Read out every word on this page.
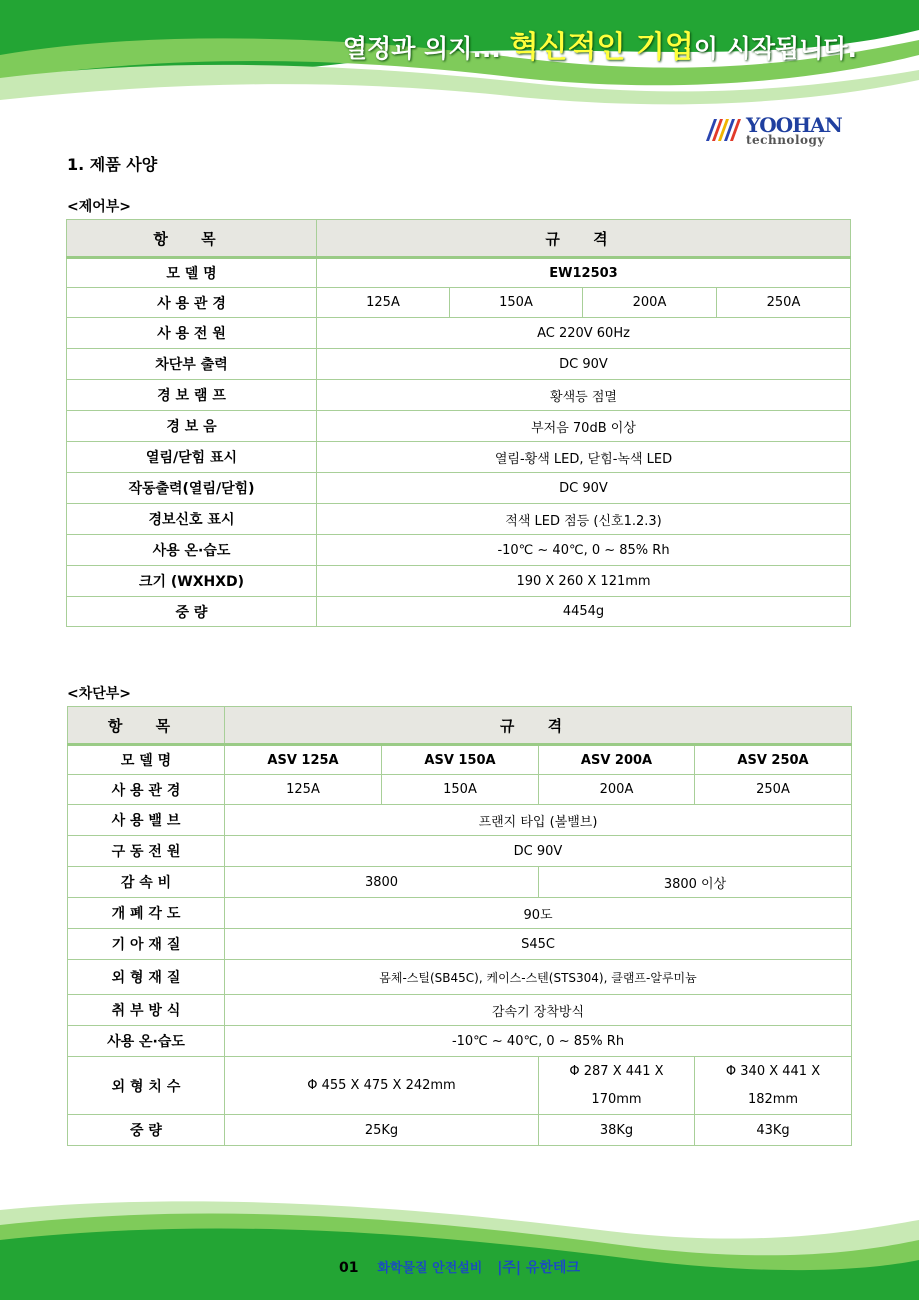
열정과 의지... 혁신적인 기업이 시작됩니다.
YOOHAN
technology
1. 제품 사양
<제어부>
항 목	규 격			
모 델 명	EW12503			
사 용 관 경	125A	150A	200A	250A
사 용 전 원	AC 220V 60Hz			
차단부 출력	DC 90V			
경 보 램 프	황색등 점멸			
경 보 음	부저음 70dB 이상			
열림/닫힘 표시	열림-황색 LED, 닫힘-녹색 LED			
작동출력(열림/닫힘)	DC 90V			
경보신호 표시	적색 LED 점등 (신호1.2.3)			
사용 온·습도	-10℃ ~ 40℃, 0 ~ 85% Rh			
크기 (WXHXD)	190 X 260 X 121mm			
중 량	4454g			
<차단부>
항 목	규 격			
모 델 명	ASV 125A	ASV 150A	ASV 200A	ASV 250A
사 용 관 경	125A	150A	200A	250A
사 용 밸 브	프랜지 타입 (볼밸브)			
구 동 전 원	DC 90V			
감 속 비	3800		3800 이상	
개 폐 각 도	90도			
기 아 재 질	S45C			
외 형 재 질	몸체-스틸(SB45C), 케이스-스텐(STS304), 클램프-알루미늄			
취 부 방 식	감속기 장착방식			
사용 온·습도	-10℃ ~ 40℃, 0 ~ 85% Rh			
외 형 치 수	Φ 455 X 475 X 242mm		Φ 287 X 441 X 170mm	Φ 340 X 441 X 182mm
중 량	25Kg		38Kg	43Kg
01 화학물질 안전설비 |주| 유한테크
